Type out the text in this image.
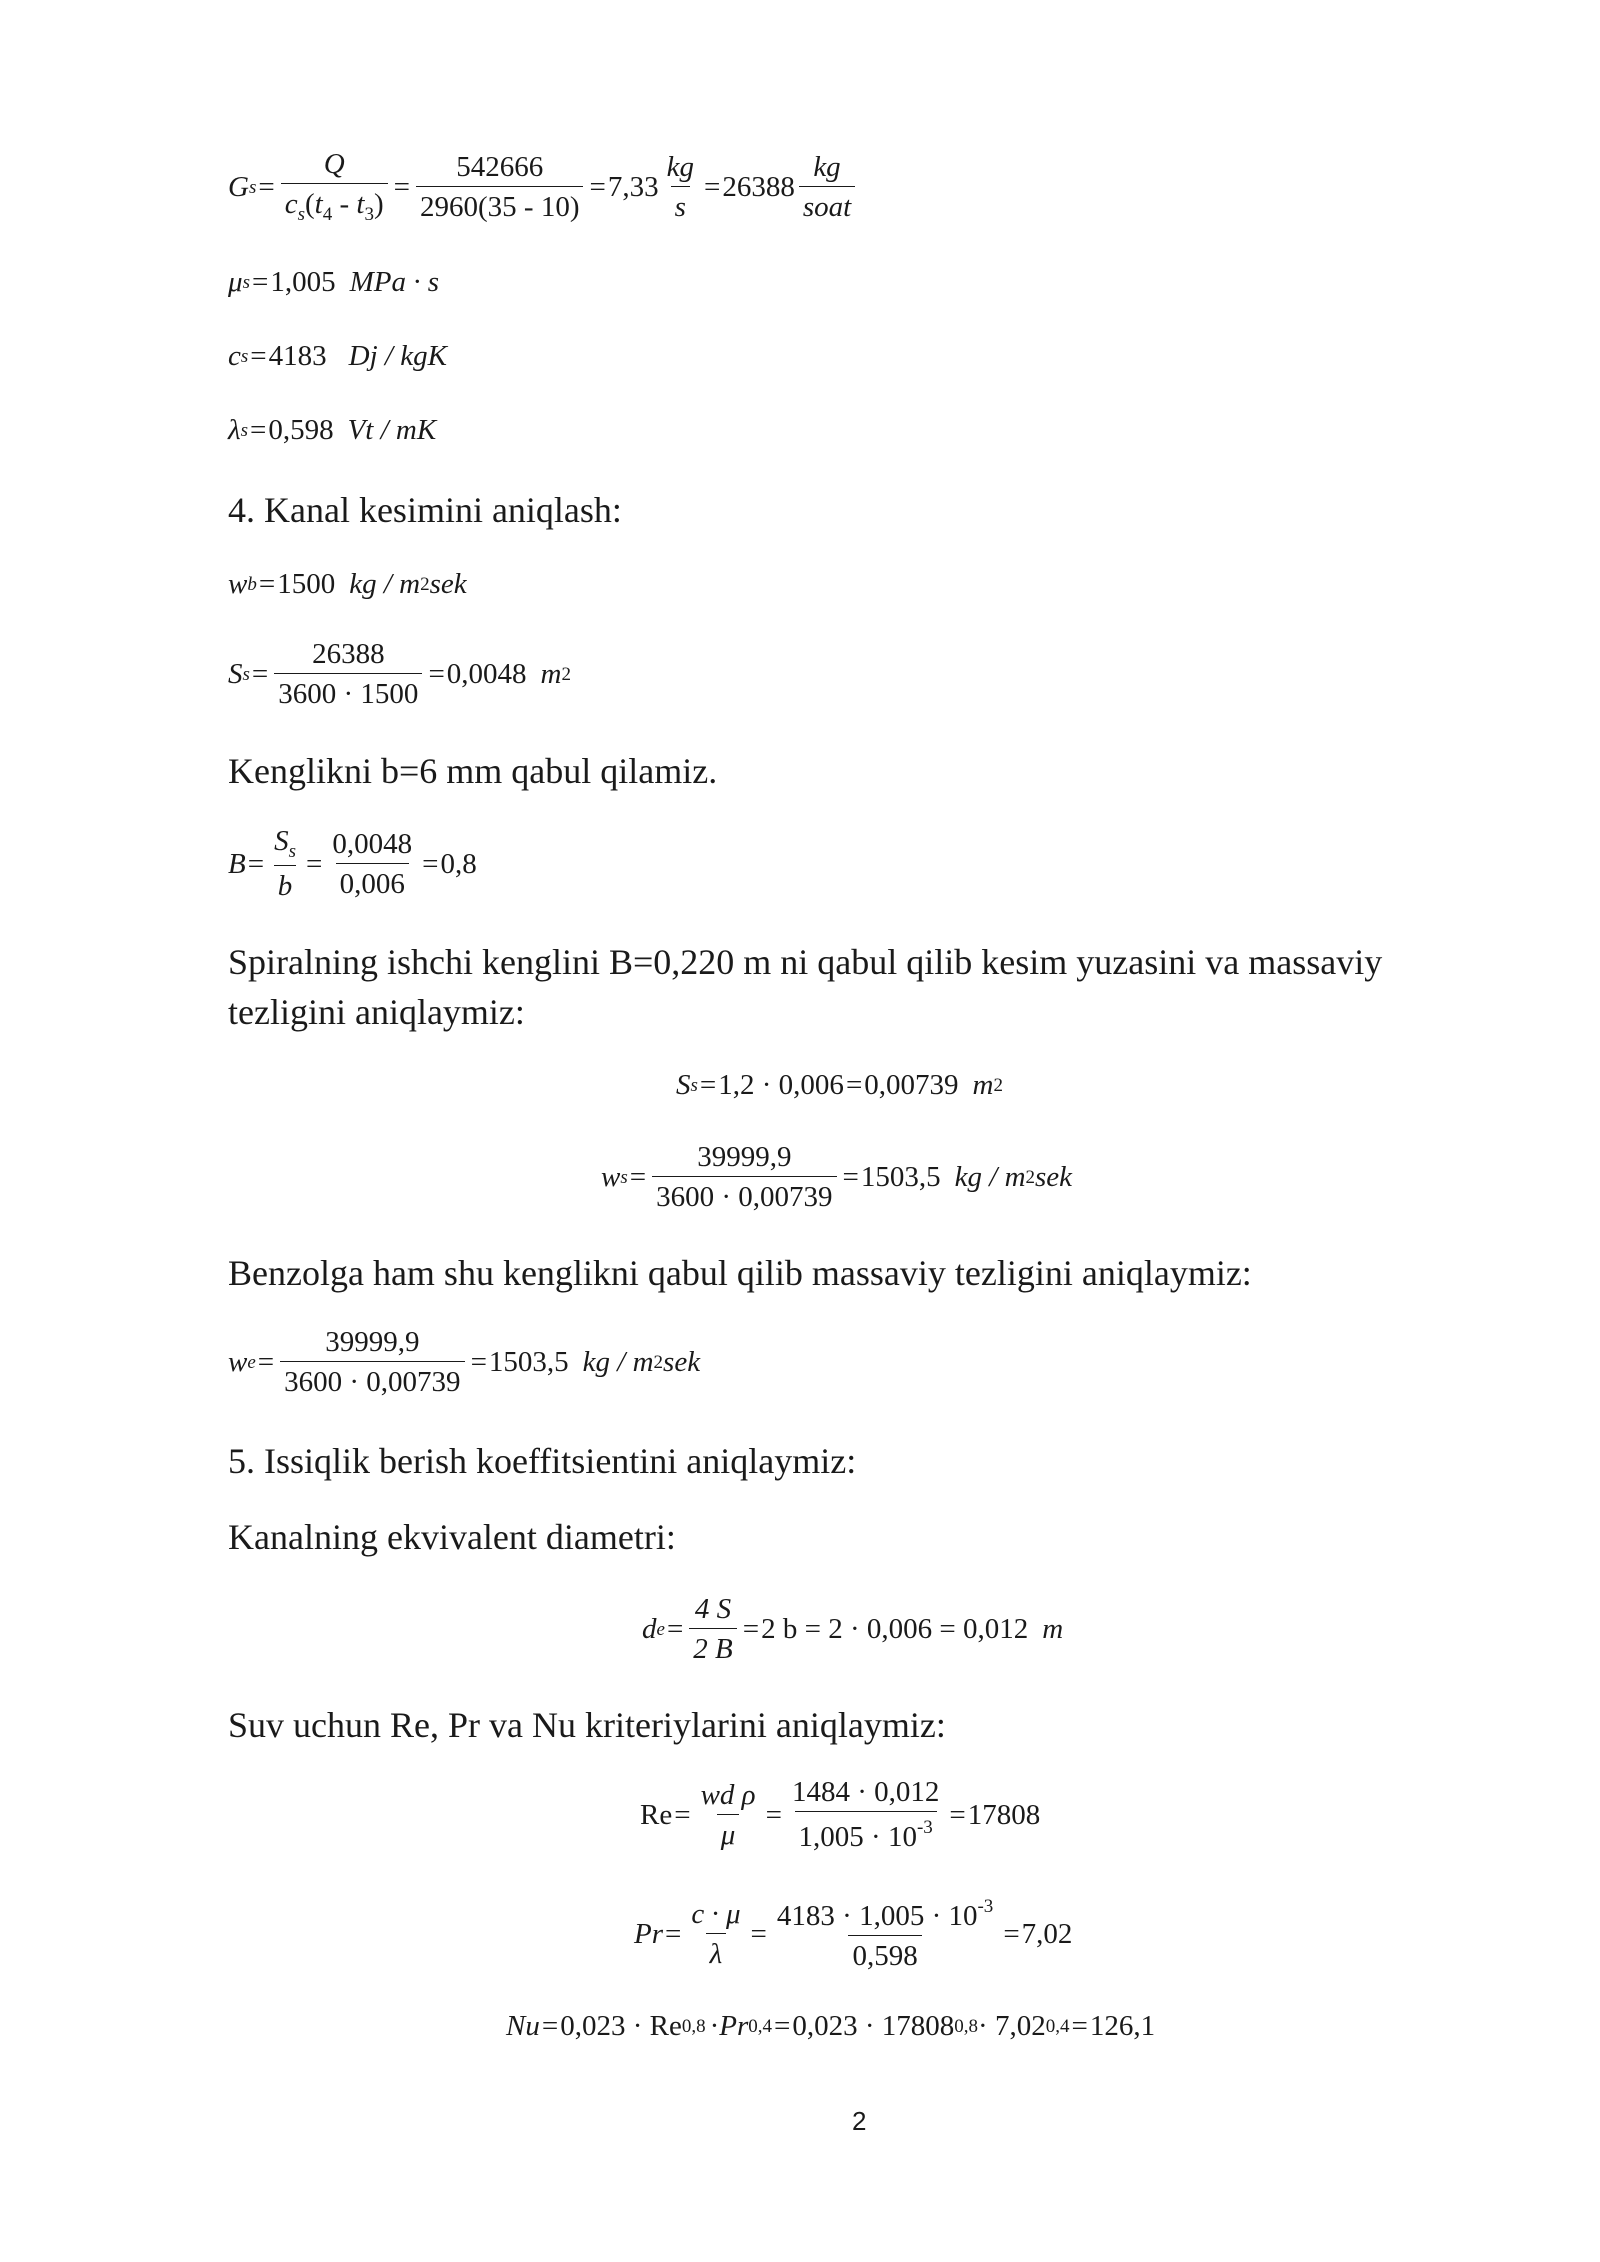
G $s = \frac{Q}{c_s(t_4 - t_3)} = \frac{542666}{2960(35 - 10)} = 7,33 \frac{kg}{s} = 26388 \frac{kg}{\text{soat}}$
μ s = 1,005 MPa · s
c s = 4183 Dj / kgK
λ s = 0,598 Vt / mK
4. Kanal kesimini aniqlash:
w b = 1500 kg / m 2 sek
S $s = \frac{26388}{3600 \cdot 1500} = 0,0048$ m 2
Kenglikni b=6 mm qabul qilamiz.
$B = \frac{S_s}{b} = \frac{0,0048}{0,006} = 0,8$
Spiralning ishchi kenglini B=0,220 m ni qabul qilib kesim yuzasini va massaviy
tezligini aniqlaymiz:
S s = 1,2 · 0,006 = 0,00739 m 2
w $s = \frac{39999,9}{3600 \cdot 0,00739} = 1503,5$ kg / m 2 sek
Benzolga ham shu kenglikni qabul qilib massaviy tezligini aniqlaymiz:
w $e = \frac{39999,9}{3600 \cdot 0,00739} = 1503,5$ kg / m 2 sek
5. Issiqlik berish koeffitsientini aniqlaymiz:
Kanalning ekvivalent diametri:
d $e = \frac{4 S}{2 B} = 2$ b = 2 · 0,006 = 0,012 m
Suv uchun Re, Pr va Nu kriteriylarini aniqlaymiz:
$Re = \frac{\text{wd ρ}}{\mu} = \frac{1484 \cdot 0,012}{1,005 \cdot 10^{-3}} = 17808$
$Pr = \frac{c \cdot \mu}{\lambda} = \frac{4183 \cdot 1,005 \cdot 10^{-3}}{0,598} = 7,02$
Nu = 0,023 · Re 0,8 · Pr 0,4 = 0,023 · 17808 0,8 · 7,02 0,4 = 126,1
2
